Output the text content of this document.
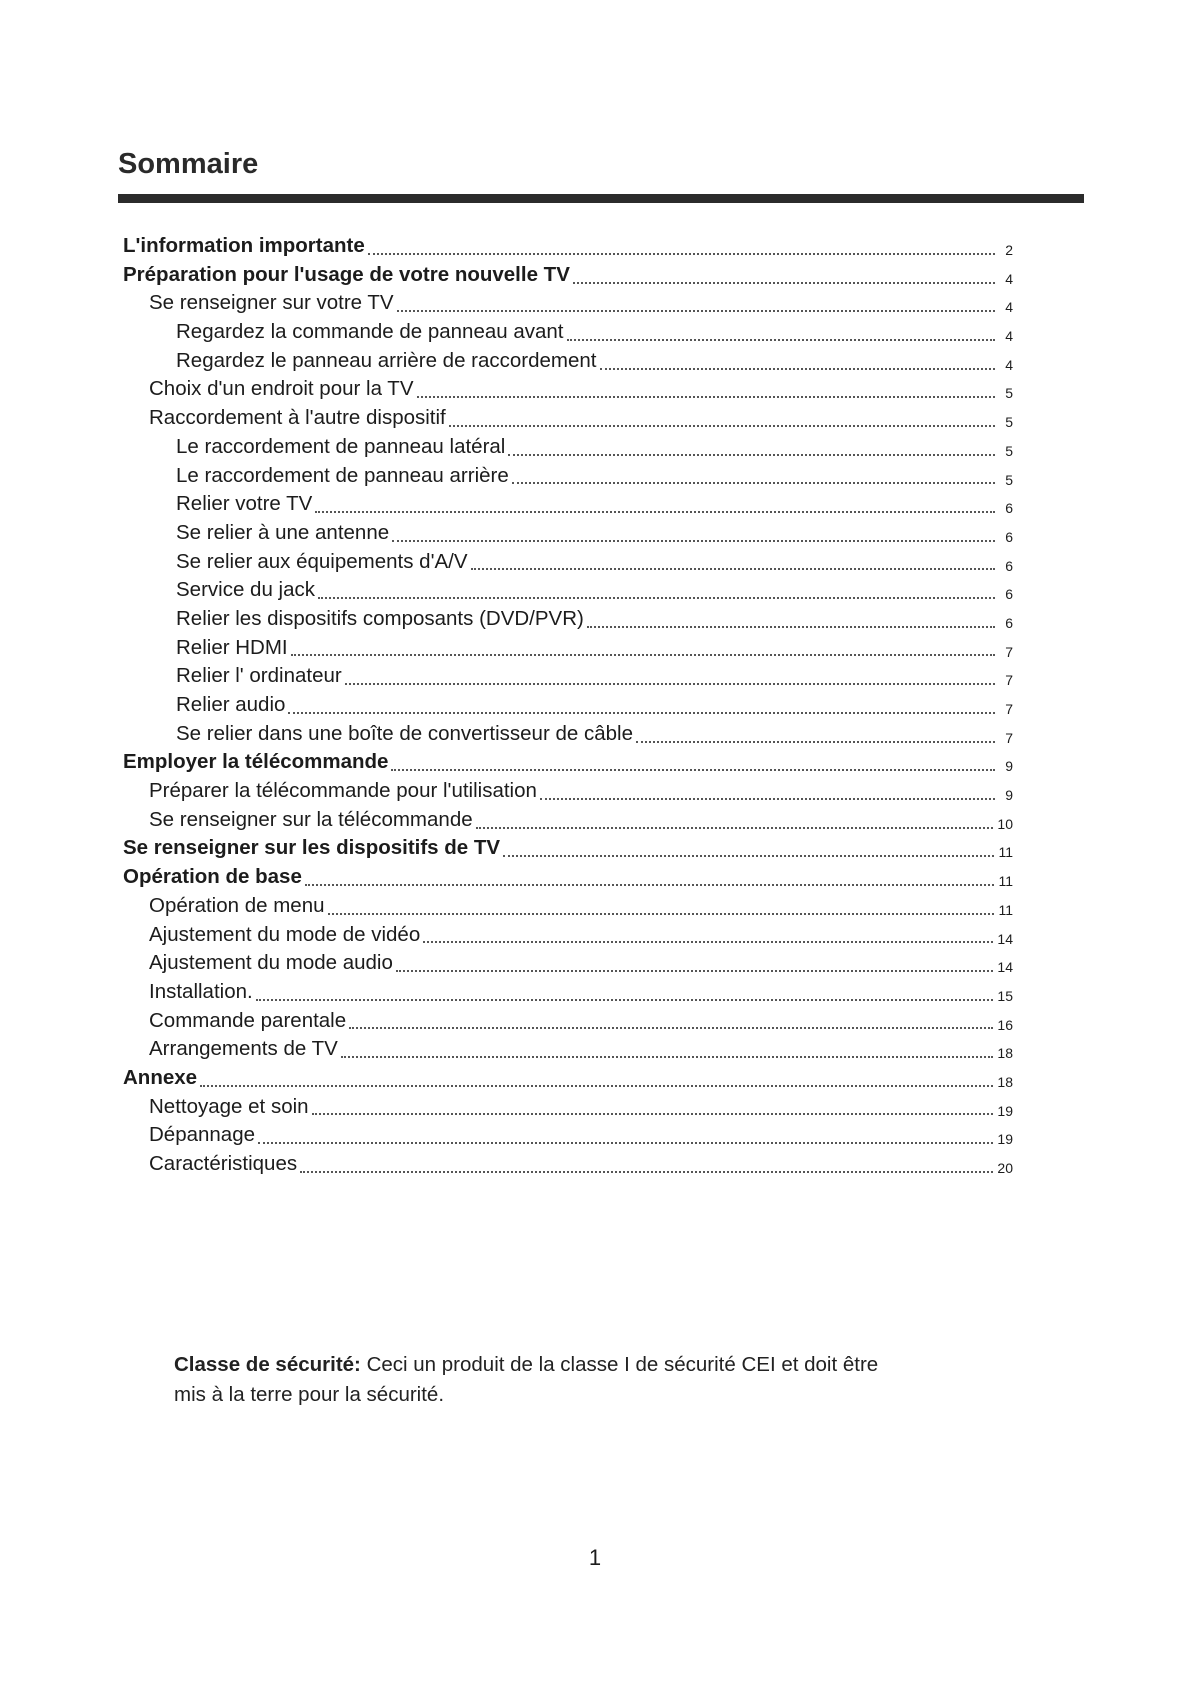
Sommaire
L'information importante	2
Préparation pour l'usage de votre nouvelle TV	4
Se renseigner sur votre TV	4
Regardez la commande de panneau avant	4
Regardez le panneau arrière de raccordement	4
Choix d'un endroit pour la TV	5
Raccordement à l'autre dispositif	5
Le raccordement de panneau latéral	5
Le raccordement de panneau arrière	5
Relier votre TV	6
Se relier à une antenne	6
Se relier aux équipements d'A/V	6
Service du jack	6
Relier les dispositifs composants (DVD/PVR)	6
Relier HDMI	7
Relier l' ordinateur	7
Relier audio	7
Se relier dans une boîte de convertisseur de câble	7
Employer la télécommande	9
Préparer la télécommande pour l'utilisation	9
Se renseigner sur la télécommande	10
Se renseigner sur les dispositifs de TV	11
Opération de base	11
Opération de menu	11
Ajustement du mode de vidéo	14
Ajustement du mode audio	14
Installation.	15
Commande parentale	16
Arrangements de TV	18
Annexe	18
Nettoyage et soin	19
Dépannage	19
Caractéristiques	20
Classe de sécurité: Ceci un produit de la classe I de sécurité CEI et doit être
mis à la terre pour la sécurité.
1
